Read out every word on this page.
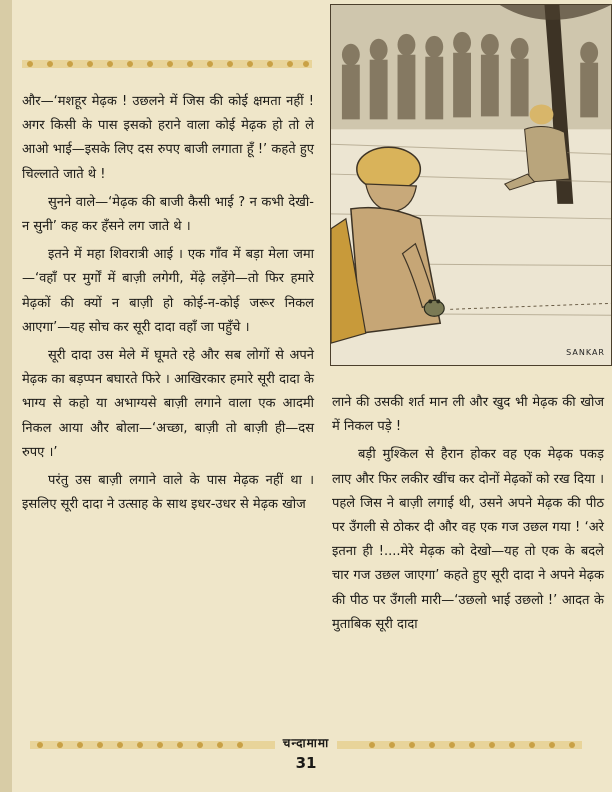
SANKAR

और—‘मशहूर मेढ़क ! उछलने में जिस की कोई क्षमता नहीं ! अगर किसी के पास इसको हराने वाला कोई मेढ़क हो तो ले आओ भाई—इसके लिए दस रुपए बाजी लगाता हूँ !’ कहते हुए चिल्लाते जाते थे !

सुनने वाले—‘मेढ़क की बाजी कैसी भाई ? न कभी देखी-न सुनी’ कह कर हँसने लग जाते थे ।

इतने में महा शिवरात्री आई । एक गाँव में बड़ा मेला जमा—‘वहाँ पर मुर्गों में बाज़ी लगेगी, मेंढ़े लड़ेंगे—तो फिर हमारे मेढ़कों की क्यों न बाज़ी हो कोई-न-कोई जरूर निकल आएगा’—यह सोच कर सूरी दादा वहाँ जा पहुँचे ।

सूरी दादा उस मेले में घूमते रहे और सब लोगों से अपने मेढ़क का बड़प्पन बघारते फिरे । आखिरकार हमारे सूरी दादा के भाग्य से कहो या अभाग्यसे बाज़ी लगाने वाला एक आदमी निकल आया और बोला—‘अच्छा, बाज़ी तो बाज़ी ही—दस रुपए ।’

परंतु उस बाज़ी लगाने वाले के पास मेढ़क नहीं था । इसलिए सूरी दादा ने उत्साह के साथ इधर-उधर से मेढ़क खोज

लाने की उसकी शर्त मान ली और खुद भी मेढ़क की खोज में निकल पड़े !

बड़ी मुश्किल से हैरान होकर वह एक मेढ़क पकड़ लाए और फिर लकीर खींच कर दोनों मेढ़कों को रख दिया । पहले जिस ने बाज़ी लगाई थी, उसने अपने मेढ़क की पीठ पर उँगली से ठोकर दी और वह एक गज उछल गया ! ‘अरे इतना ही !....मेरे मेढ़क को देखो—यह तो एक के बदले चार गज उछल जाएगा’ कहते हुए सूरी दादा ने अपने मेढ़क की पीठ पर उँगली मारी—‘उछलो भाई उछलो !’ आदत के मुताबिक सूरी दादा

चन्दामामा
31
